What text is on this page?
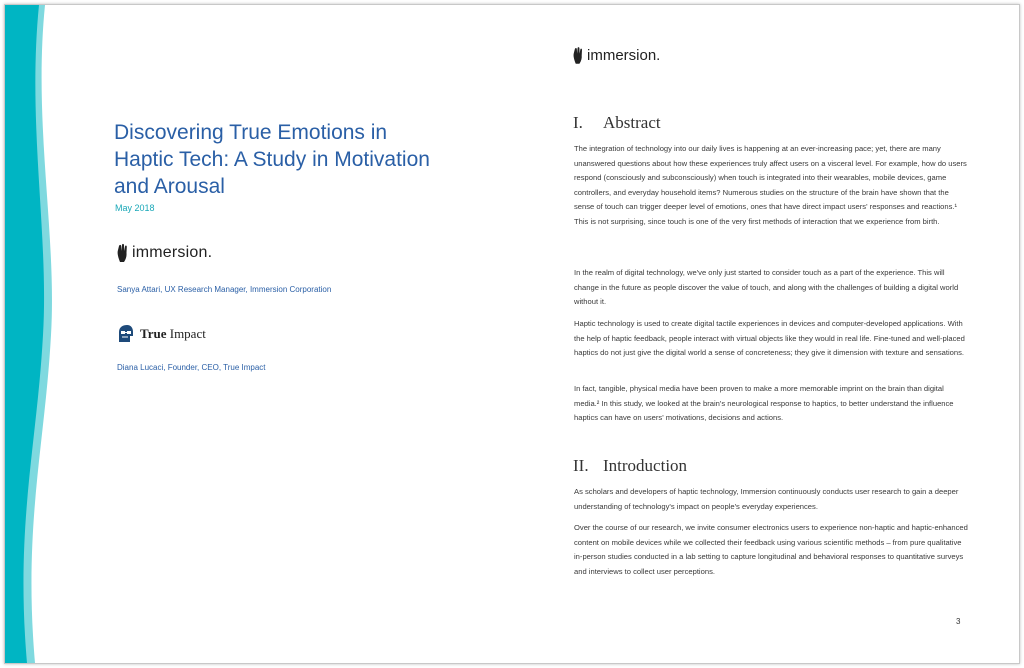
Discovering True Emotions in Haptic Tech: A Study in Motivation and Arousal
May 2018
immersion.
Sanya Attari, UX Research Manager, Immersion Corporation
True Impact
Diana Lucaci, Founder, CEO, True Impact
immersion.
I.	Abstract

The integration of technology into our daily lives is happening at an ever-increasing pace; yet, there are many unanswered questions about how these experiences truly affect users on a visceral level. For example, how do users respond (consciously and subconsciously) when touch is integrated into their wearables, mobile devices, game controllers, and everyday household items? Numerous studies on the structure of the brain have shown that the sense of touch can trigger deeper level of emotions, ones that have direct impact users' responses and reactions.¹ This is not surprising, since touch is one of the very first methods of interaction that we experience from birth.

In the realm of digital technology, we've only just started to consider touch as a part of the experience. This will change in the future as people discover the value of touch, and along with the challenges of building a digital world without it.

Haptic technology is used to create digital tactile experiences in devices and computer-developed applications. With the help of haptic feedback, people interact with virtual objects like they would in real life. Fine-tuned and well-placed haptics do not just give the digital world a sense of concreteness; they give it dimension with texture and sensations.

In fact, tangible, physical media have been proven to make a more memorable imprint on the brain than digital media.² In this study, we looked at the brain's neurological response to haptics, to better understand the influence haptics can have on users' motivations, decisions and actions.

II. Introduction

As scholars and developers of haptic technology, Immersion continuously conducts user research to gain a deeper understanding of technology's impact on people's everyday experiences.

Over the course of our research, we invite consumer electronics users to experience non-haptic and haptic-enhanced content on mobile devices while we collected their feedback using various scientific methods – from pure qualitative in-person studies conducted in a lab setting to capture longitudinal and behavioral responses to quantitative surveys and interviews to collect user perceptions.

3
